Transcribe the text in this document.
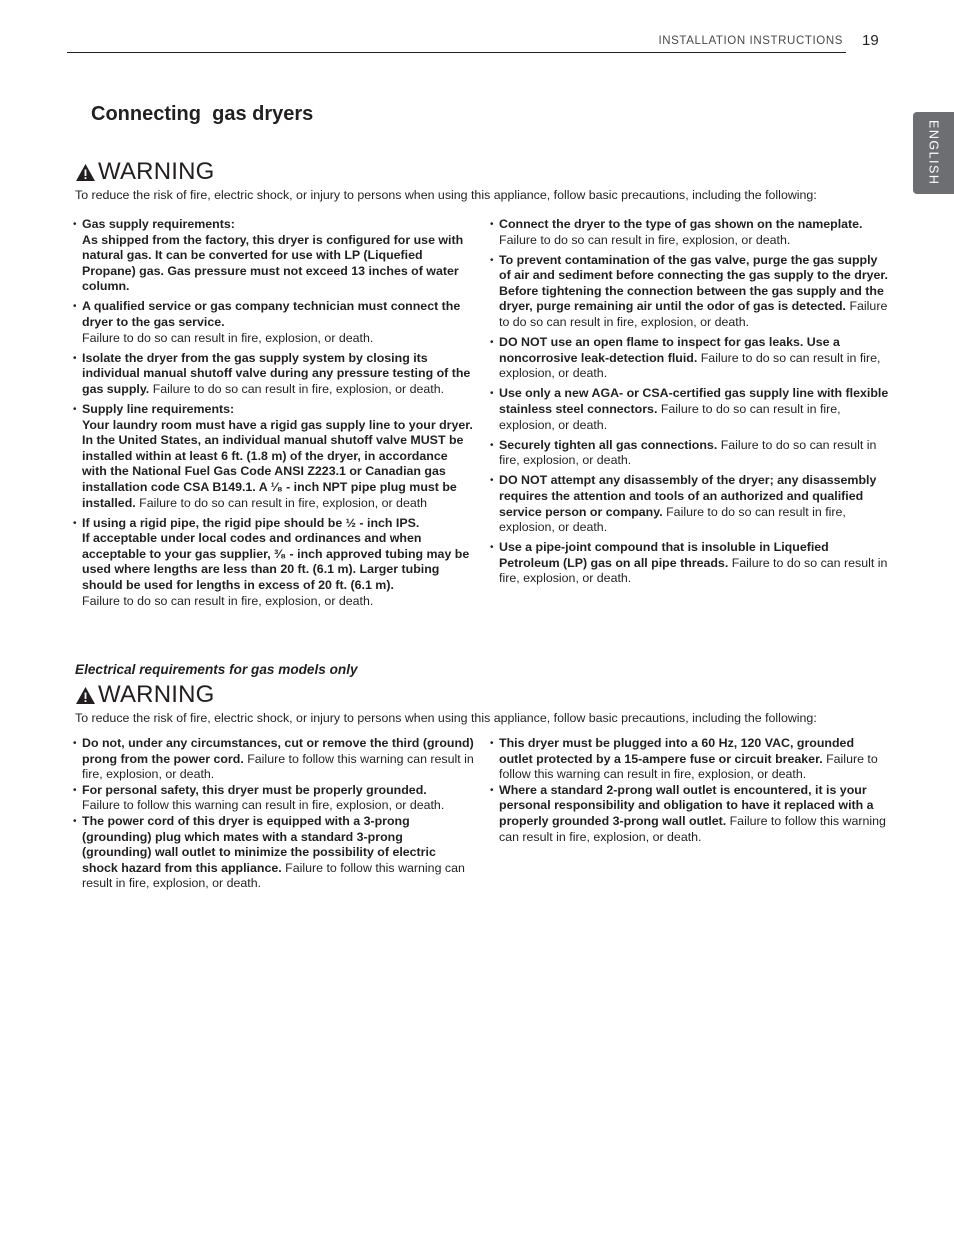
INSTALLATION INSTRUCTIONS 19
ENGLISH
Connecting  gas dryers
WARNING
To reduce the risk of fire, electric shock, or injury to persons when using this appliance, follow basic precautions, including the following:
• Gas supply requirements:
As shipped from the factory, this dryer is configured for use with natural gas. It can be converted for use with LP (Liquefied Propane) gas. Gas pressure must not exceed 13 inches of water column.
• A qualified service or gas company technician must connect the dryer to the gas service.
Failure to do so can result in fire, explosion, or death.
• Isolate the dryer from the gas supply system by closing its individual manual shutoff valve during any pressure testing of the gas supply. Failure to do so can result in fire, explosion, or death.
• Supply line requirements:
Your laundry room must have a rigid gas supply line to your dryer. In the United States, an individual manual shutoff valve MUST be installed within at least 6 ft. (1.8 m) of the dryer, in accordance with the National Fuel Gas Code ANSI Z223.1 or Canadian gas installation code CSA B149.1. A ¹⁄₈ - inch NPT pipe plug must be installed. Failure to do so can result in fire, explosion, or death
• If using a rigid pipe, the rigid pipe should be ½ - inch IPS.
If acceptable under local codes and ordinances and when acceptable to your gas supplier, ³⁄₈ - inch approved tubing may be used where lengths are less than 20 ft. (6.1 m). Larger tubing should be used for lengths in excess of 20 ft. (6.1 m).
Failure to do so can result in fire, explosion, or death.
• Connect the dryer to the type of gas shown on the nameplate.
Failure to do so can result in fire, explosion, or death.
• To prevent contamination of the gas valve, purge the gas supply of air and sediment before connecting the gas supply to the dryer. Before tightening the connection between the gas supply and the dryer, purge remaining air until the odor of gas is detected. Failure to do so can result in fire, explosion, or death.
• DO NOT use an open flame to inspect for gas leaks. Use a noncorrosive leak-detection fluid. Failure to do so can result in fire, explosion, or death.
• Use only a new AGA- or CSA-certified gas supply line with flexible stainless steel connectors. Failure to do so can result in fire, explosion, or death.
• Securely tighten all gas connections. Failure to do so can result in fire, explosion, or death.
• DO NOT attempt any disassembly of the dryer; any disassembly requires the attention and tools of an authorized and qualified service person or company. Failure to do so can result in fire, explosion, or death.
• Use a pipe-joint compound that is insoluble in Liquefied Petroleum (LP) gas on all pipe threads. Failure to do so can result in fire, explosion, or death.
Electrical requirements for gas models only
WARNING
To reduce the risk of fire, electric shock, or injury to persons when using this appliance, follow basic precautions, including the following:
• Do not, under any circumstances, cut or remove the third (ground) prong from the power cord. Failure to follow this warning can result in fire, explosion, or death.
• For personal safety, this dryer must be properly grounded.
Failure to follow this warning can result in fire, explosion, or death.
• The power cord of this dryer is equipped with a 3-prong (grounding) plug which mates with a standard 3-prong (grounding) wall outlet to minimize the possibility of electric shock hazard from this appliance. Failure to follow this warning can result in fire, explosion, or death.
• This dryer must be plugged into a 60 Hz, 120 VAC, grounded outlet protected by a 15-ampere fuse or circuit breaker. Failure to follow this warning can result in fire, explosion, or death.
• Where a standard 2-prong wall outlet is encountered, it is your personal responsibility and obligation to have it replaced with a properly grounded 3-prong wall outlet. Failure to follow this warning can result in fire, explosion, or death.
